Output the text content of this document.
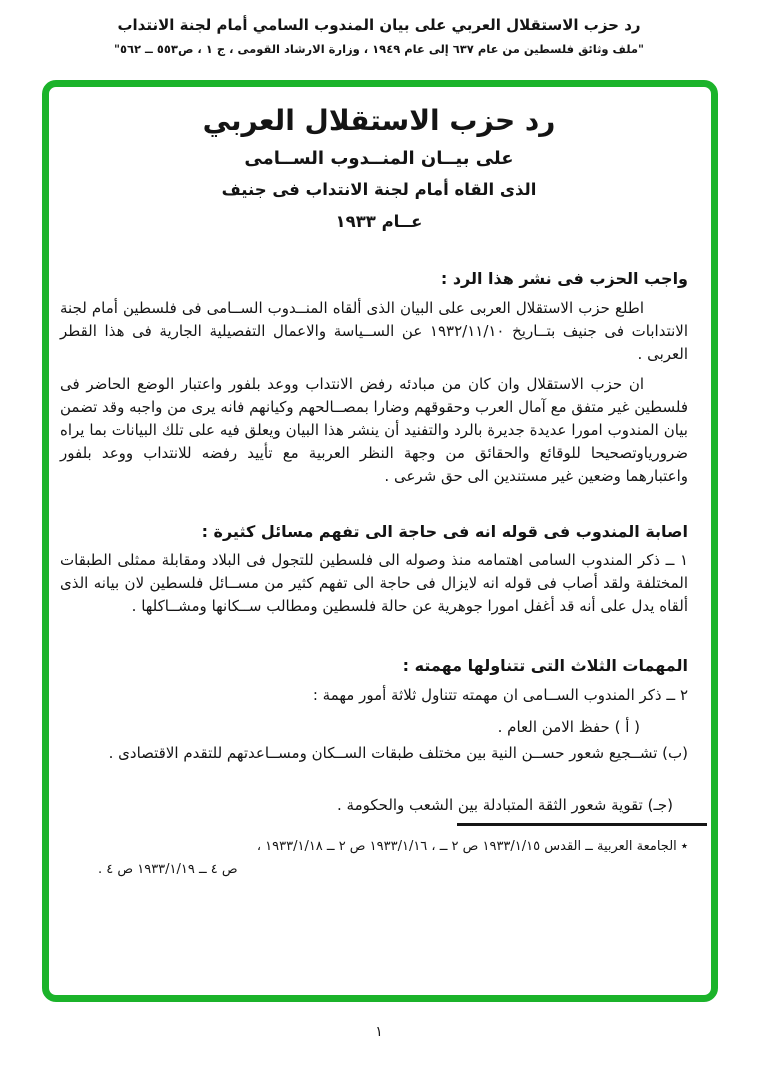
رد حزب الاستقلال العربي على بيان المندوب السامي أمام لجنة الانتداب
"ملف وثائق فلسطين من عام ٦٣٧ إلى عام ١٩٤٩ ، وزارة الارشاد القومى ، ج ١ ، ص٥٥٣ ــ ٥٦٢"
رد حزب الاستقلال العربي
على بيــان المنــدوب الســامى
الذى القاه أمام لجنة الانتداب فى جنيف
عــام ١٩٣٣
واجب الحزب فى نشر هذا الرد :
اطلع حزب الاستقلال العربى على البيان الذى ألقاه المنــدوب الســامى فى فلسطين أمام لجنة الانتدابات فى جنيف بتــاريخ ١٩٣٢/١١/١٠ عن الســياسة والاعمال التفصيلية الجارية فى هذا القطر العربى .
ان حزب الاستقلال وان كان من مبادئه رفض الانتداب ووعد بلفور واعتبار الوضع الحاضر فى فلسطين غير متفق مع آمال العرب وحقوقهم وضارا بمصــالحهم وكيانهم فانه يرى من واجبه وقد تضمن بيان المندوب امورا عديدة جديرة بالرد والتفنيد أن ينشر هذا البيان ويعلق فيه على تلك البيانات بما يراه ضرورياوتصحيحا للوقائع والحقائق من وجهة النظر العربية مع تأييد رفضه للانتداب ووعد بلفور واعتبارهما وضعين غير مستندين الى حق شرعى .
اصابة المندوب فى قوله انه فى حاجة الى تفهم مسائل كثيرة :
١ ــ ذكر المندوب السامى اهتمامه منذ وصوله الى فلسطين للتجول فى البلاد ومقابلة ممثلى الطبقات المختلفة ولقد أصاب فى قوله انه لايزال فى حاجة الى تفهم كثير من مســائل فلسطين لان بيانه الذى ألقاه يدل على أنه قد أغفل امورا جوهرية عن حالة فلسطين ومطالب ســكانها ومشــاكلها .
المهمات الثلاث التى تتناولها مهمته :
٢ ــ ذكر المندوب الســامى ان مهمته تتناول ثلاثة أمور مهمة :
( أ ) حفظ الامن العام .
(ب) تشــجيع شعور حســن النية بين مختلف طبقات الســكان ومســاعدتهم للتقدم الاقتصادى .
(جـ) تقوية شعور الثقة المتبادلة بين الشعب والحكومة .
٭ الجامعة العربية ــ القدس ١٩٣٣/١/١٥ ص ٢ ــ ، ١٩٣٣/١/١٦ ص ٢ ــ ١٩٣٣/١/١٨ ،
ص ٤ ــ ١٩٣٣/١/١٩ ص ٤ .
١
